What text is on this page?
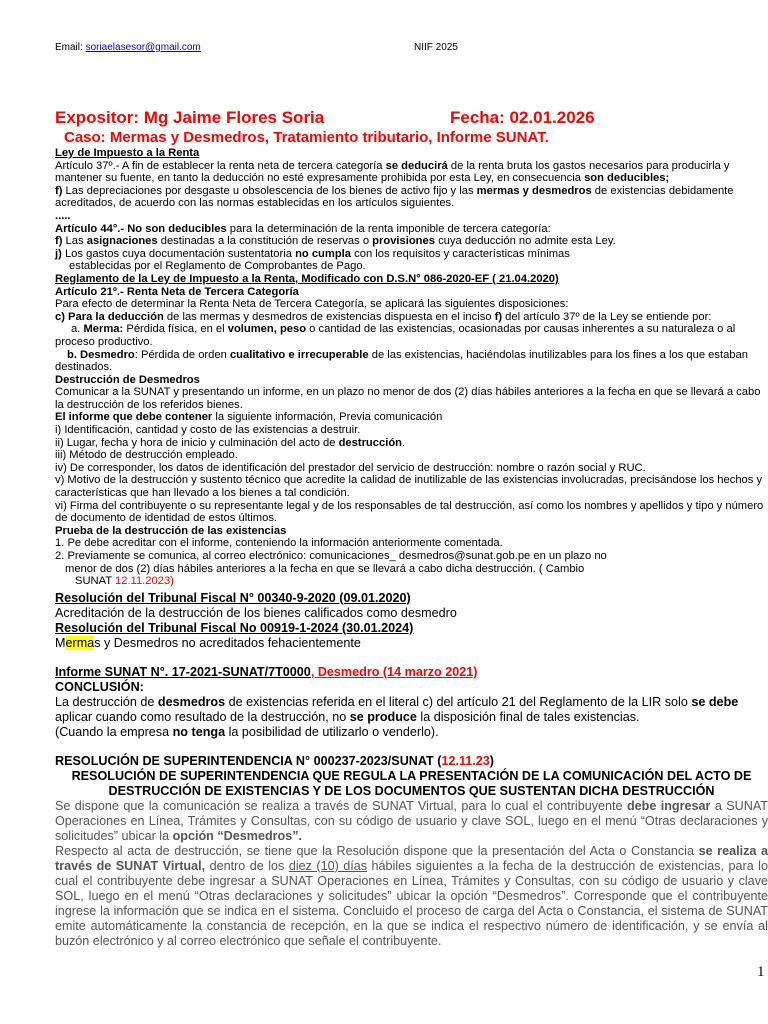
Email: soriaelasesor@gmail.com	NIIF 2025
Expositor: Mg Jaime Flores Soria	Fecha: 02.01.2026
Caso: Mermas y Desmedros, Tratamiento tributario, Informe SUNAT.
Ley de Impuesto a la Renta
Artículo 37º.- A fin de establecer la renta neta de tercera categoría se deducirá de la renta bruta los gastos necesarios para producirla y mantener su fuente, en tanto la deducción no esté expresamente prohibida por esta Ley, en consecuencia son deducibles;
f) Las depreciaciones por desgaste u obsolescencia de los bienes de activo fijo y las mermas y desmedros de existencias debidamente acreditados, de acuerdo con las normas establecidas en los artículos siguientes.
.....
Artículo 44°.- No son deducibles para la determinación de la renta imponible de tercera categoría:
f) Las asignaciones destinadas a la constitución de reservas o provisiones cuya deducción no admite esta Ley.
j) Los gastos cuya documentación sustentatoria no cumpla con los requisitos y características mínimas
establecidas por el Reglamento de Comprobantes de Pago.
Reglamento de la Ley de Impuesto a la Renta, Modificado con D.S.N° 086-2020-EF ( 21.04.2020)
Artículo 21º.- Renta Neta de Tercera Categoría
Para efecto de determinar la Renta Neta de Tercera Categoría, se aplicará las siguientes disposiciones:
c) Para la deducción de las mermas y desmedros de existencias dispuesta en el inciso f) del artículo 37º de la Ley se entiende por:
a. Merma: Pérdida física, en el volumen, peso o cantidad de las existencias, ocasionadas por causas inherentes a su naturaleza o al proceso productivo.
b. Desmedro: Pérdida de orden cualitativo e irrecuperable de las existencias, haciéndolas inutilizables para los fines a los que estaban destinados.
Destrucción de Desmedros
Comunicar a la SUNAT y presentando un informe, en un plazo no menor de dos (2) días hábiles anteriores a la fecha en que se llevará a cabo la destrucción de los referidos bienes.
El informe que debe contener la siguiente información, Previa comunicación
i) Identificación, cantidad y costo de las existencias a destruir.
ii) Lugar, fecha y hora de inicio y culminación del acto de destrucción.
iii) Método de destrucción empleado.
iv) De corresponder, los datos de identificación del prestador del servicio de destrucción: nombre o razón social y RUC.
v) Motivo de la destrucción y sustento técnico que acredite la calidad de inutilizable de las existencias involucradas, precisándose los hechos y características que han llevado a los bienes a tal condición.
vi) Firma del contribuyente o su representante legal y de los responsables de tal destrucción, así como los nombres y apellidos y tipo y número de documento de identidad de estos últimos.
Prueba de la destrucción de las existencias
1. Pe debe acreditar con el informe, conteniendo la información anteriormente comentada.
2. Previamente se comunica, al correo electrónico: comunicaciones_ desmedros@sunat.gob.pe en un plazo no
menor de dos (2) días hábiles anteriores a la fecha en que se llevará a cabo dicha destrucción. ( Cambio
SUNAT 12.11.2023)
Resolución del Tribunal Fiscal N° 00340-9-2020 (09.01.2020)
Acreditación de la destrucción de los bienes calificados como desmedro
Resolución del Tribunal Fiscal No 00919-1-2024 (30.01.2024)
Mermas y Desmedros no acreditados fehacientemente
Informe SUNAT N°. 17-2021-SUNAT/7T0000, Desmedro (14 marzo 2021)
CONCLUSIÓN:
La destrucción de desmedros de existencias referida en el literal c) del artículo 21 del Reglamento de la LIR solo se debe aplicar cuando como resultado de la destrucción, no se produce la disposición final de tales existencias.
(Cuando la empresa no tenga la posibilidad de utilizarlo o venderlo).
RESOLUCIÓN DE SUPERINTENDENCIA N° 000237-2023/SUNAT (12.11.23)
RESOLUCIÓN DE SUPERINTENDENCIA QUE REGULA LA PRESENTACIÓN DE LA COMUNICACIÓN DEL ACTO DE DESTRUCCIÓN DE EXISTENCIAS Y DE LOS DOCUMENTOS QUE SUSTENTAN DICHA DESTRUCCIÓN
Se dispone que la comunicación se realiza a través de SUNAT Virtual, para lo cual el contribuyente debe ingresar a SUNAT Operaciones en Línea, Trámites y Consultas, con su código de usuario y clave SOL, luego en el menú “Otras declaraciones y solicitudes” ubicar la opción “Desmedros”.
Respecto al acta de destrucción, se tiene que la Resolución dispone que la presentación del Acta o Constancia se realiza a través de SUNAT Virtual, dentro de los diez (10) días hábiles siguientes a la fecha de la destrucción de existencias, para lo cual el contribuyente debe ingresar a SUNAT Operaciones en Línea, Trámites y Consultas, con su código de usuario y clave SOL, luego en el menú “Otras declaraciones y solicitudes” ubicar la opción “Desmedros”. Corresponde que el contribuyente ingrese la información que se indica en el sistema. Concluido el proceso de carga del Acta o Constancia, el sistema de SUNAT emite automáticamente la constancia de recepción, en la que se indica el respectivo número de identificación, y se envía al buzón electrónico y al correo electrónico que señale el contribuyente.
1
